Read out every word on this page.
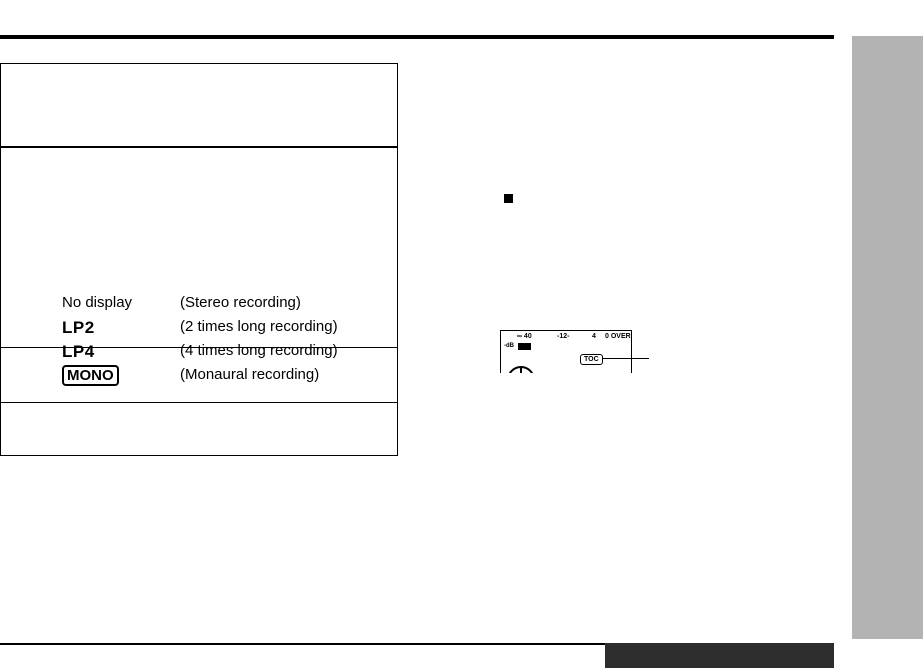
No display	(Stereo recording)
LP2	(2 times long recording)
LP4	(4 times long recording)
MONO	(Monaural recording)
∞ 40	-12-	4 0 OVER
-dB
TOC
